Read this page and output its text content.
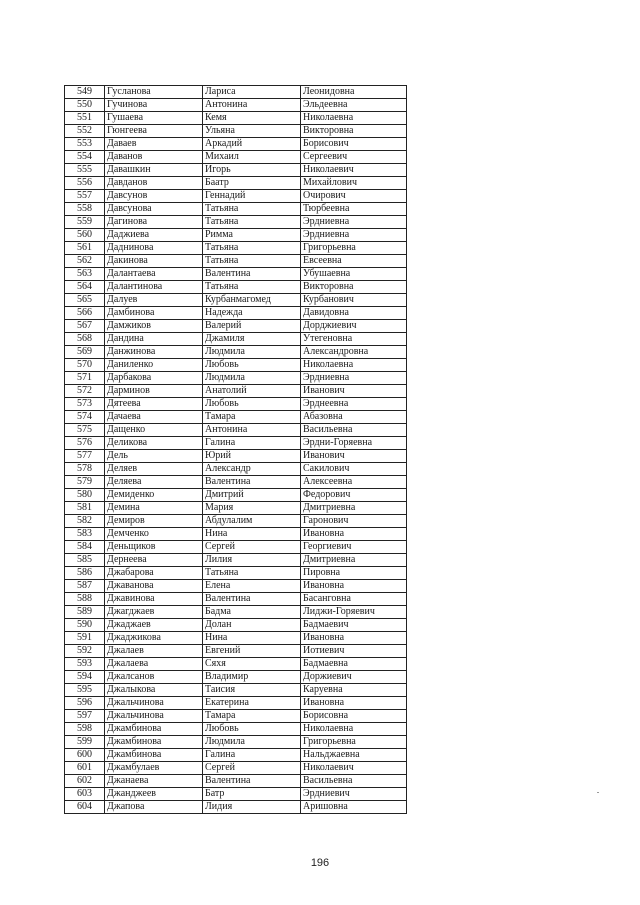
549	Гусланова	Лариса	Леонидовна
550	Гучинова	Антонина	Эльдеевна
551	Гушаева	Кемя	Николаевна
552	Гюнгеева	Ульяна	Викторовна
553	Даваев	Аркадий	Борисович
554	Даванов	Михаил	Сергеевич
555	Давашкин	Игорь	Николаевич
556	Давданов	Баатр	Михайлович
557	Давсунов	Геннадий	Очирович
558	Давсунова	Татьяна	Тюрбеевна
559	Дагинова	Татьяна	Эрдниевна
560	Даджиева	Римма	Эрдниевна
561	Даднинова	Татьяна	Григорьевна
562	Дакинова	Татьяна	Евсеевна
563	Далантаева	Валентина	Убушаевна
564	Далантинова	Татьяна	Викторовна
565	Далуев	Курбанмагомед	Курбанович
566	Дамбинова	Надежда	Давидовна
567	Дамжиков	Валерий	Дорджиевич
568	Дандина	Джамиля	Утегеновна
569	Данжинова	Людмила	Александровна
570	Даниленко	Любовь	Николаевна
571	Дарбакова	Людмила	Эрдниевна
572	Дарминов	Анатолий	Иванович
573	Дятеева	Любовь	Эрднеевна
574	Дачаева	Тамара	Абазовна
575	Дащенко	Антонина	Васильевна
576	Деликова	Галина	Эрдни-Горяевна
577	Дель	Юрий	Иванович
578	Деляев	Александр	Сакилович
579	Деляева	Валентина	Алексеевна
580	Демиденко	Дмитрий	Федорович
581	Демина	Мария	Дмитриевна
582	Демиров	Абдулалим	Гаронович
583	Демченко	Нина	Ивановна
584	Деньщиков	Сергей	Георгиевич
585	Дернеева	Лилия	Дмитриевна
586	Джабарова	Татьяна	Пировна
587	Джаванова	Елена	Ивановна
588	Джавинова	Валентина	Басанговна
589	Джагджаев	Бадма	Лиджи-Горяевич
590	Джаджаев	Долан	Бадмаевич
591	Джаджикова	Нина	Ивановна
592	Джалаев	Евгений	Иотиевич
593	Джалаева	Сяхя	Бадмаевна
594	Джалсанов	Владимир	Доржиевич
595	Джалыкова	Таисия	Каруевна
596	Джальчинова	Екатерина	Ивановна
597	Джальчинова	Тамара	Борисовна
598	Джамбинова	Любовь	Николаевна
599	Джамбинова	Людмила	Григорьевна
600	Джамбинова	Галина	Нальджаевна
601	Джамбулаев	Сергей	Николаевич
602	Джанаева	Валентина	Васильевна
603	Джанджеев	Батр	Эрдниевич
604	Джапова	Лидия	Аришовна
196
